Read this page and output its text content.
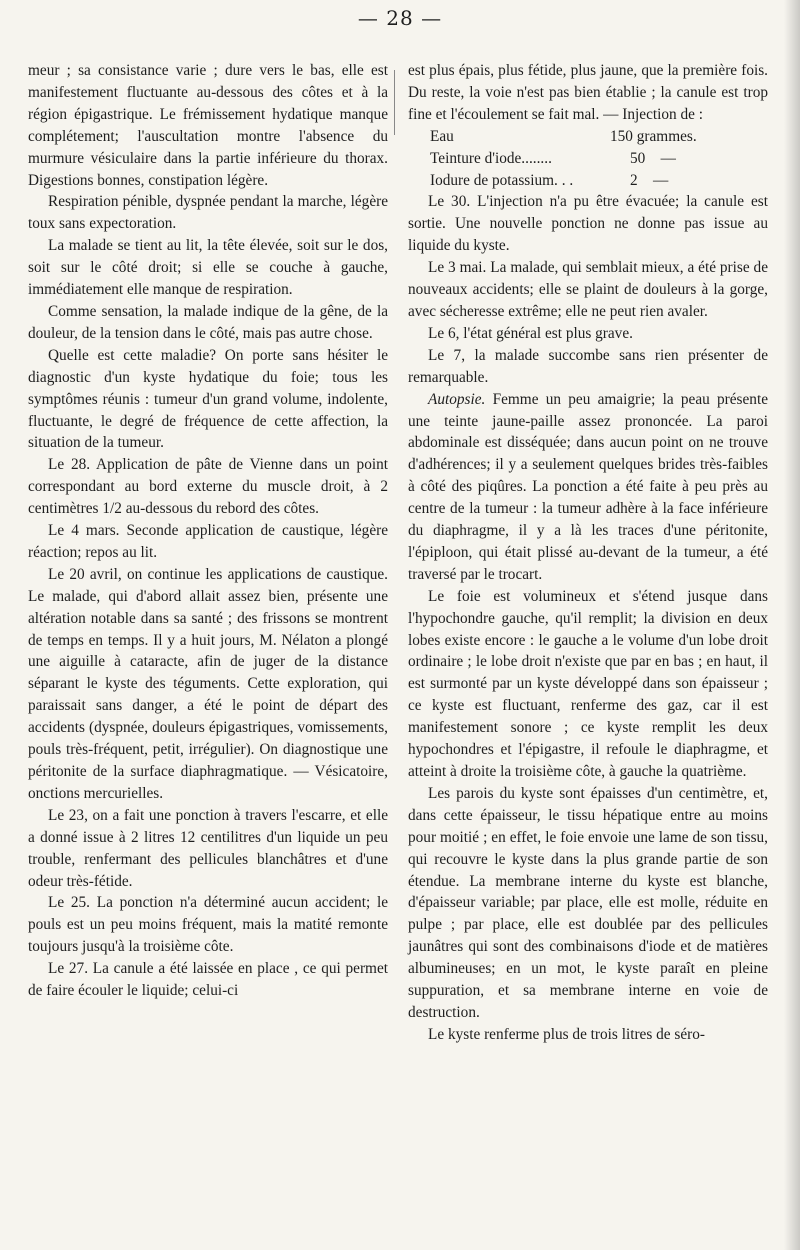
— 28 —

meur ; sa consistance varie ; dure vers le bas, elle est manifestement fluctuante au-dessous des côtes et à la région épigastrique. Le frémissement hydatique manque complétement; l'auscultation montre l'absence du murmure vésiculaire dans la partie inférieure du thorax. Digestions bonnes, constipation légère.

Respiration pénible, dyspnée pendant la marche, légère toux sans expectoration.

La malade se tient au lit, la tête élevée, soit sur le dos, soit sur le côté droit; si elle se couche à gauche, immédiatement elle manque de respiration.

Comme sensation, la malade indique de la gêne, de la douleur, de la tension dans le côté, mais pas autre chose.

Quelle est cette maladie? On porte sans hésiter le diagnostic d'un kyste hydatique du foie; tous les symptômes réunis : tumeur d'un grand volume, indolente, fluctuante, le degré de fréquence de cette affection, la situation de la tumeur.

Le 28. Application de pâte de Vienne dans un point correspondant au bord externe du muscle droit, à 2 centimètres 1/2 au-dessous du rebord des côtes.

Le 4 mars. Seconde application de caustique, légère réaction; repos au lit.

Le 20 avril, on continue les applications de caustique. Le malade, qui d'abord allait assez bien, présente une altération notable dans sa santé ; des frissons se montrent de temps en temps. Il y a huit jours, M. Nélaton a plongé une aiguille à cataracte, afin de juger de la distance séparant le kyste des téguments. Cette exploration, qui paraissait sans danger, a été le point de départ des accidents (dyspnée, douleurs épigastriques, vomissements, pouls très-fréquent, petit, irrégulier). On diagnostique une péritonite de la surface diaphragmatique. — Vésicatoire, onctions mercurielles.

Le 23, on a fait une ponction à travers l'escarre, et elle a donné issue à 2 litres 12 centilitres d'un liquide un peu trouble, renfermant des pellicules blanchâtres et d'une odeur très-fétide.

Le 25. La ponction n'a déterminé aucun accident; le pouls est un peu moins fréquent, mais la matité remonte toujours jusqu'à la troisième côte.

Le 27. La canule a été laissée en place , ce qui permet de faire écouler le liquide; celui-ci

est plus épais, plus fétide, plus jaune, que la première fois. Du reste, la voie n'est pas bien établie ; la canule est trop fine et l'écoulement se fait mal. — Injection de :

Eau	150 grammes.
Teinture d'iode........	50    —
Iodure de potassium. . .	2    —

Le 30. L'injection n'a pu être évacuée; la canule est sortie. Une nouvelle ponction ne donne pas issue au liquide du kyste.

Le 3 mai. La malade, qui semblait mieux, a été prise de nouveaux accidents; elle se plaint de douleurs à la gorge, avec sécheresse extrême; elle ne peut rien avaler.

Le 6, l'état général est plus grave.

Le 7, la malade succombe sans rien présenter de remarquable.

Autopsie. Femme un peu amaigrie; la peau présente une teinte jaune-paille assez prononcée. La paroi abdominale est disséquée; dans aucun point on ne trouve d'adhérences; il y a seulement quelques brides très-faibles à côté des piqûres. La ponction a été faite à peu près au centre de la tumeur : la tumeur adhère à la face inférieure du diaphragme, il y a là les traces d'une péritonite, l'épiploon, qui était plissé au-devant de la tumeur, a été traversé par le trocart.

Le foie est volumineux et s'étend jusque dans l'hypochondre gauche, qu'il remplit; la division en deux lobes existe encore : le gauche a le volume d'un lobe droit ordinaire ; le lobe droit n'existe que par en bas ; en haut, il est surmonté par un kyste développé dans son épaisseur ; ce kyste est fluctuant, renferme des gaz, car il est manifestement sonore ; ce kyste remplit les deux hypochondres et l'épigastre, il refoule le diaphragme, et atteint à droite la troisième côte, à gauche la quatrième.

Les parois du kyste sont épaisses d'un centimètre, et, dans cette épaisseur, le tissu hépatique entre au moins pour moitié ; en effet, le foie envoie une lame de son tissu, qui recouvre le kyste dans la plus grande partie de son étendue. La membrane interne du kyste est blanche, d'épaisseur variable; par place, elle est molle, réduite en pulpe ; par place, elle est doublée par des pellicules jaunâtres qui sont des combinaisons d'iode et de matières albumineuses; en un mot, le kyste paraît en pleine suppuration, et sa membrane interne en voie de destruction.

Le kyste renferme plus de trois litres de séro-
